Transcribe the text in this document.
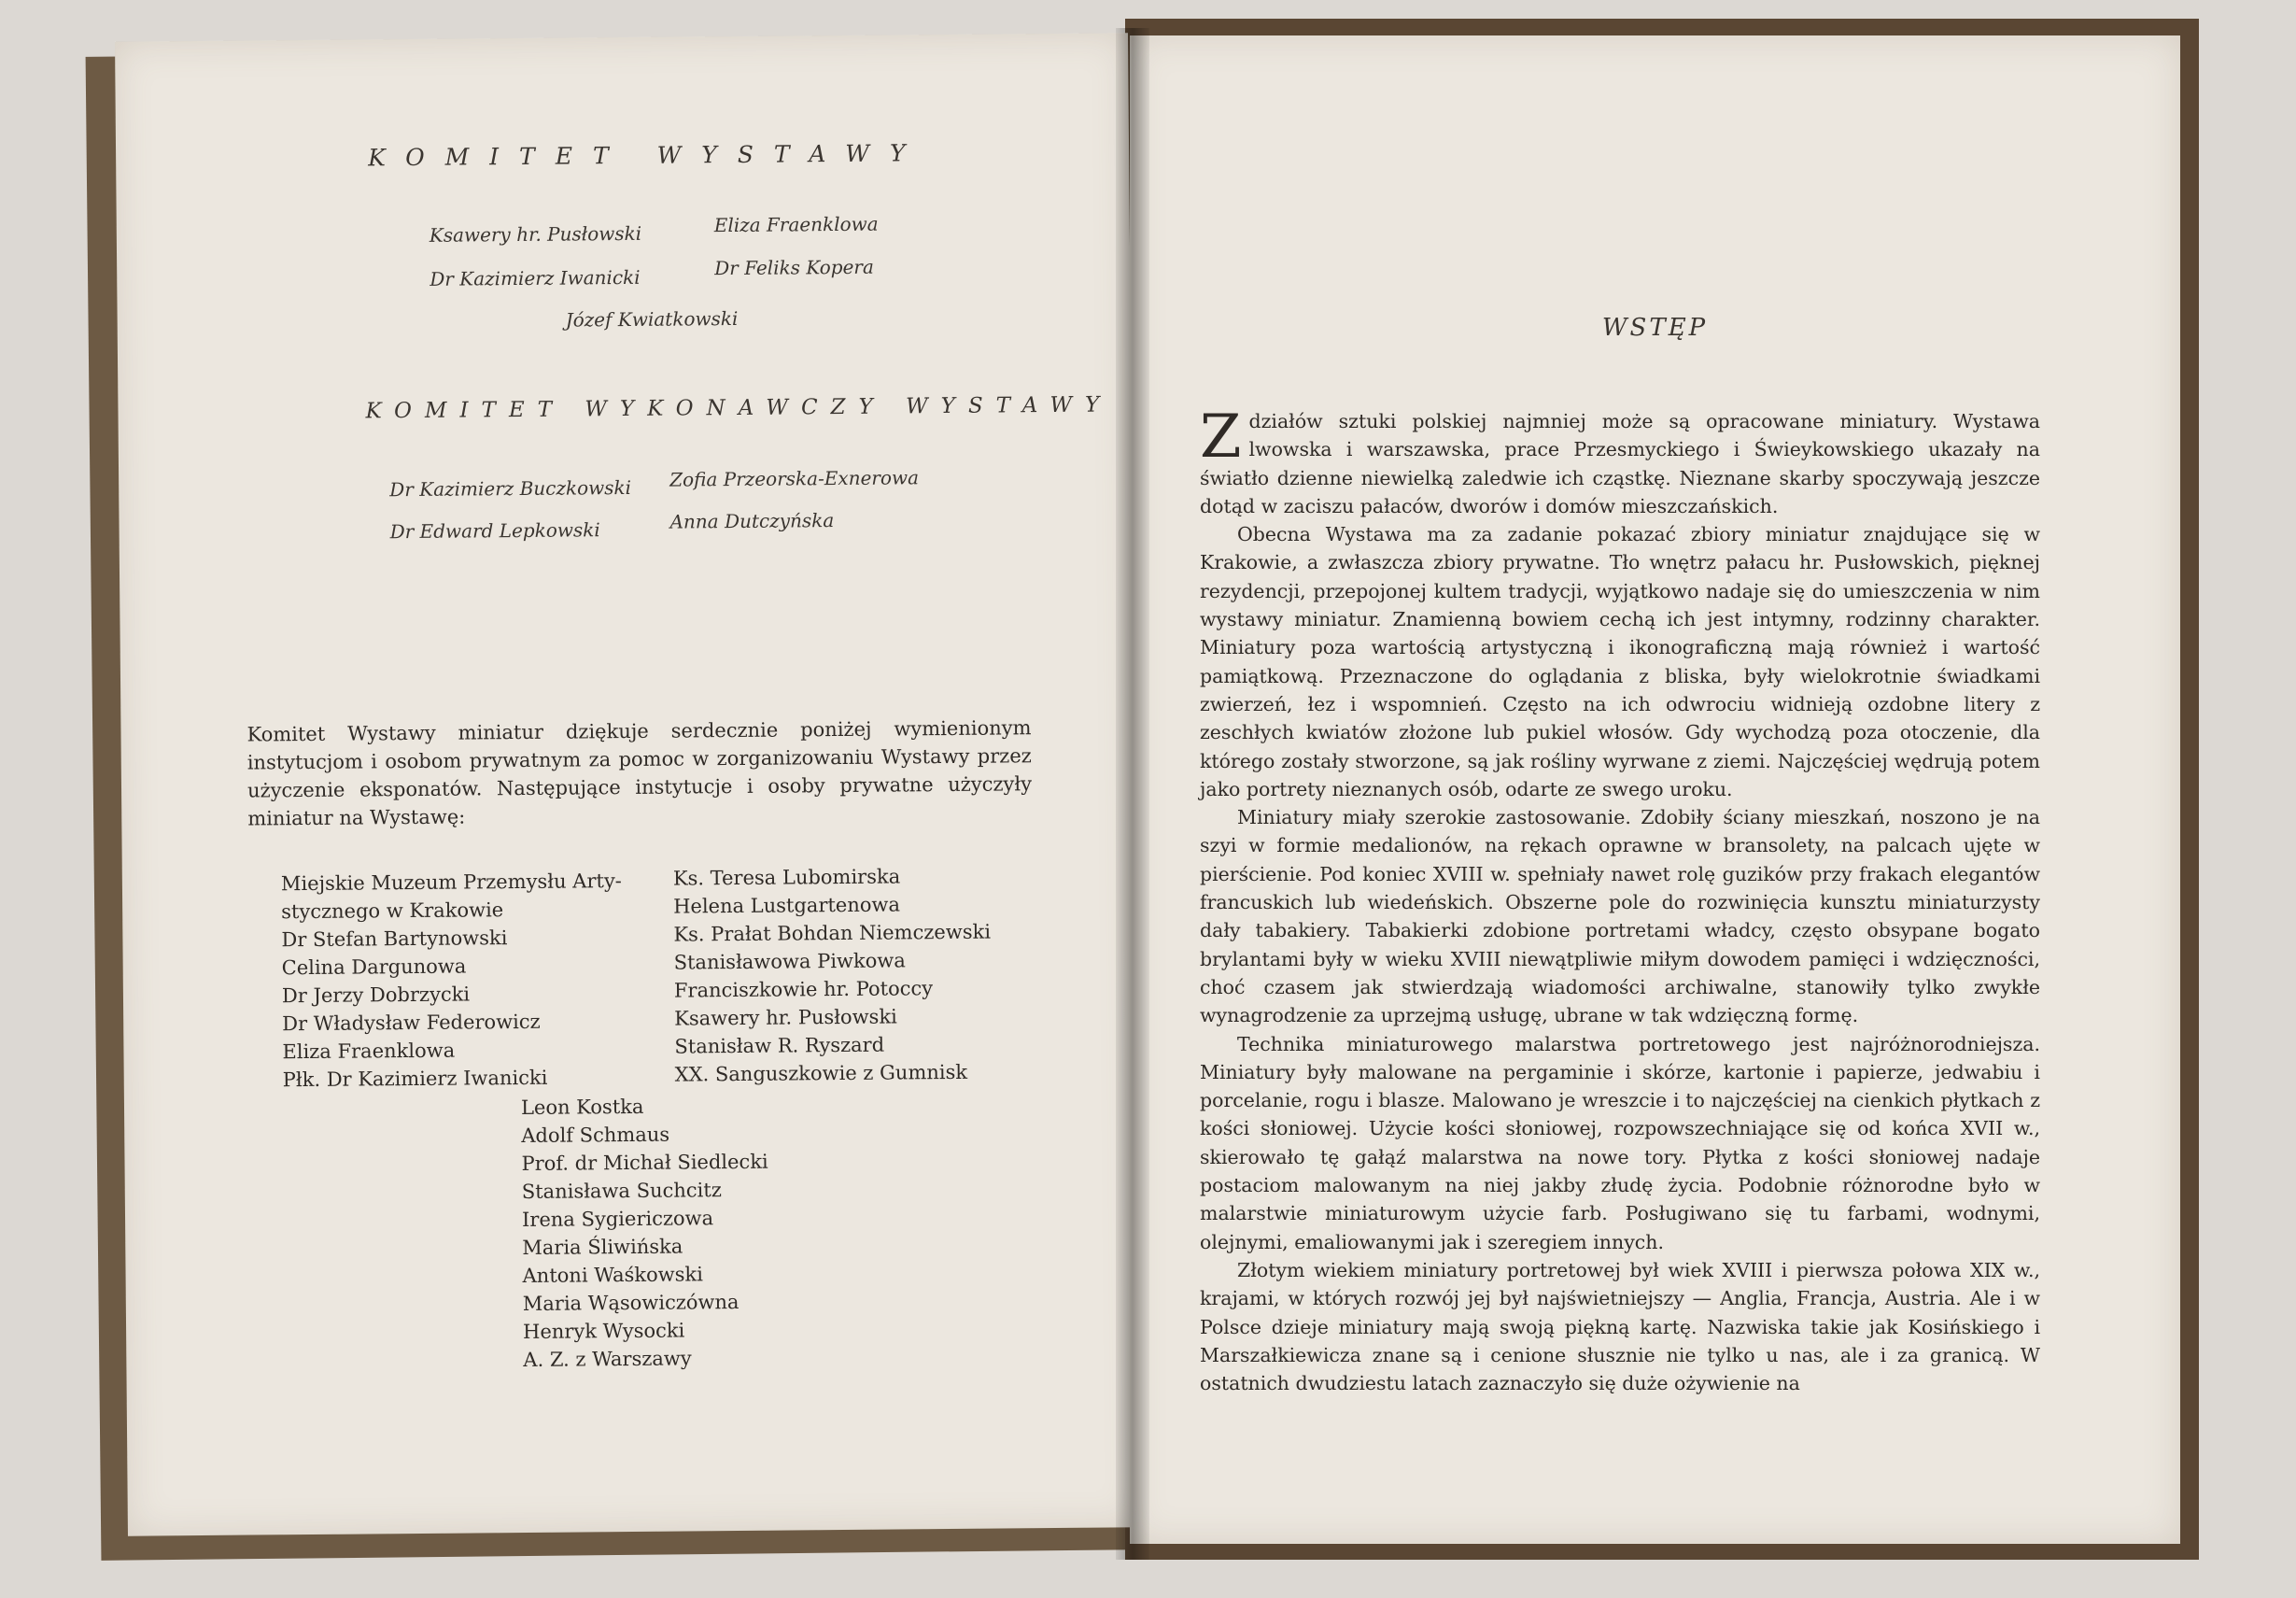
KOMITET WYSTAWY
Ksawery hr. Pusłowski	Eliza Fraenklowa
Dr Kazimierz Iwanicki	Dr Feliks Kopera
Józef Kwiatkowski
KOMITET WYKONAWCZY WYSTAWY
Dr Kazimierz Buczkowski Zofia Przeorska-Exnerowa
Dr Edward Lepkowski	Anna Dutczyńska
Komitet Wystawy miniatur dziękuje serdecznie poniżej wymienionym instytucjom i osobom prywatnym za pomoc w zorganizowaniu Wystawy przez użyczenie eksponatów. Następujące instytucje i osoby prywatne użyczyły miniatur na Wystawę:
Miejskie Muzeum Przemysłu Arty-
stycznego w Krakowie
Dr Stefan Bartynowski
Celina Dargunowa
Dr Jerzy Dobrzycki
Dr Władysław Federowicz
Eliza Fraenklowa
Płk. Dr Kazimierz Iwanicki
Ks. Teresa Lubomirska
Helena Lustgartenowa
Ks. Prałat Bohdan Niemczewski
Stanisławowa Piwkowa
Franciszkowie hr. Potoccy
Ksawery hr. Pusłowski
Stanisław R. Ryszard
XX. Sanguszkowie z Gumnisk
Leon Kostka
Adolf Schmaus
Prof. dr Michał Siedlecki
Stanisława Suchcitz
Irena Sygiericzowa
Maria Śliwińska
Antoni Waśkowski
Maria Wąsowiczówna
Henryk Wysocki
A. Z. z Warszawy
WSTĘP

Zdziałów sztuki polskiej najmniej może są opracowane miniatury. Wystawa lwowska i warszawska, prace Przesmyckiego i Świeykowskiego ukazały na światło dzienne niewielką zaledwie ich cząstkę. Nieznane skarby spoczywają jeszcze dotąd w zaciszu pałaców, dworów i domów mieszczańskich.

Obecna Wystawa ma za zadanie pokazać zbiory miniatur znajdujące się w Krakowie, a zwłaszcza zbiory prywatne. Tło wnętrz pałacu hr. Pusłowskich, pięknej rezydencji, przepojonej kultem tradycji, wyjątkowo nadaje się do umieszczenia w nim wystawy miniatur. Znamienną bowiem cechą ich jest intymny, rodzinny charakter. Miniatury poza wartością artystyczną i ikonograficzną mają również i wartość pamiątkową. Przeznaczone do oglądania z bliska, były wielokrotnie świadkami zwierzeń, łez i wspomnień. Często na ich odwrociu widnieją ozdobne litery z zeschłych kwiatów złożone lub pukiel włosów. Gdy wychodzą poza otoczenie, dla którego zostały stworzone, są jak rośliny wyrwane z ziemi. Najczęściej wędrują potem jako portrety nieznanych osób, odarte ze swego uroku.

Miniatury miały szerokie zastosowanie. Zdobiły ściany mieszkań, noszono je na szyi w formie medalionów, na rękach oprawne w bransolety, na palcach ujęte w pierścienie. Pod koniec XVIII w. spełniały nawet rolę guzików przy frakach elegantów francuskich lub wiedeńskich. Obszerne pole do rozwinięcia kunsztu miniaturzysty dały tabakiery. Tabakierki zdobione portretami władcy, często obsypane bogato brylantami były w wieku XVIII niewątpliwie miłym dowodem pamięci i wdzięczności, choć czasem jak stwierdzają wiadomości archiwalne, stanowiły tylko zwykłe wynagrodzenie za uprzejmą usługę, ubrane w tak wdzięczną formę.

Technika miniaturowego malarstwa portretowego jest najróżnorodniejsza. Miniatury były malowane na pergaminie i skórze, kartonie i papierze, jedwabiu i porcelanie, rogu i blasze. Malowano je wreszcie i to najczęściej na cienkich płytkach z kości słoniowej. Użycie kości słoniowej, rozpowszechniające się od końca XVII w., skierowało tę gałąź malarstwa na nowe tory. Płytka z kości słoniowej nadaje postaciom malowanym na niej jakby złudę życia. Podobnie różnorodne było w malarstwie miniaturowym użycie farb. Posługiwano się tu farbami, wodnymi, olejnymi, emaliowanymi jak i szeregiem innych.

Złotym wiekiem miniatury portretowej był wiek XVIII i pierwsza połowa XIX w., krajami, w których rozwój jej był najświetniejszy — Anglia, Francja, Austria. Ale i w Polsce dzieje miniatury mają swoją piękną kartę. Nazwiska takie jak Kosińskiego i Marszałkiewicza znane są i cenione słusznie nie tylko u nas, ale i za granicą. W ostatnich dwudziestu latach zaznaczyło się duże ożywienie na
